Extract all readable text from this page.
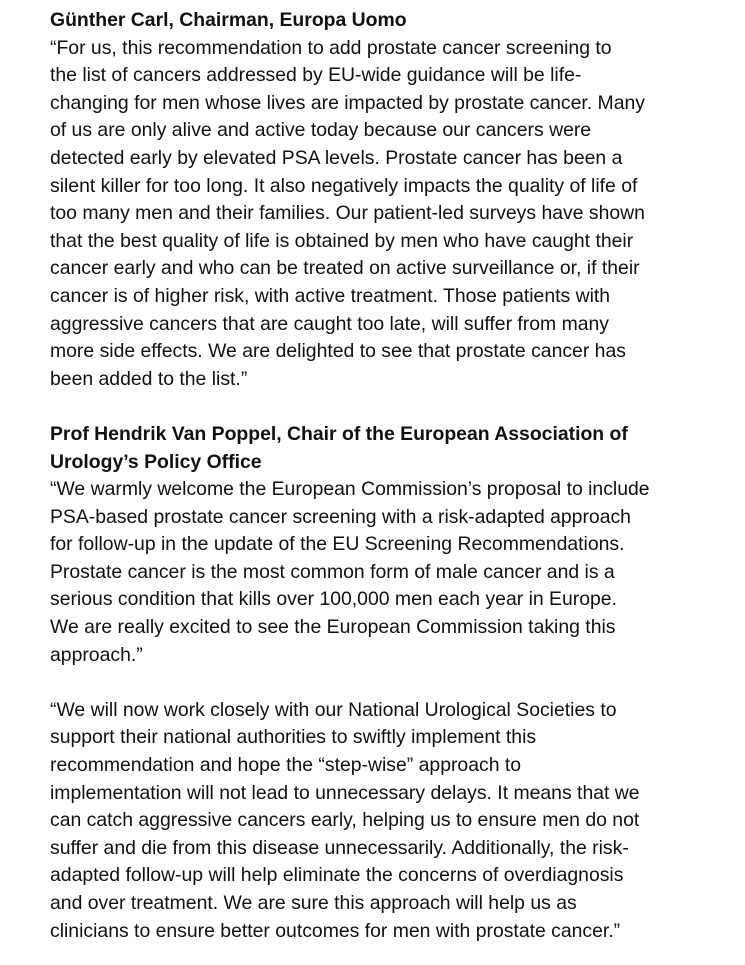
Günther Carl, Chairman, Europa Uomo
“For us, this recommendation to add prostate cancer screening to
the list of cancers addressed by EU-wide guidance will be life-
changing for men whose lives are impacted by prostate cancer. Many
of us are only alive and active today because our cancers were
detected early by elevated PSA levels. Prostate cancer has been a
silent killer for too long. It also negatively impacts the quality of life of
too many men and their families. Our patient-led surveys have shown
that the best quality of life is obtained by men who have caught their
cancer early and who can be treated on active surveillance or, if their
cancer is of higher risk, with active treatment. Those patients with
aggressive cancers that are caught too late, will suffer from many
more side effects. We are delighted to see that prostate cancer has
been added to the list.”
Prof Hendrik Van Poppel, Chair of the European Association of
Urology’s Policy Office
“We warmly welcome the European Commission’s proposal to include
PSA-based prostate cancer screening with a risk-adapted approach
for follow-up in the update of the EU Screening Recommendations.
Prostate cancer is the most common form of male cancer and is a
serious condition that kills over 100,000 men each year in Europe.
We are really excited to see the European Commission taking this
approach.”
“We will now work closely with our National Urological Societies to
support their national authorities to swiftly implement this
recommendation and hope the “step-wise” approach to
implementation will not lead to unnecessary delays. It means that we
can catch aggressive cancers early, helping us to ensure men do not
suffer and die from this disease unnecessarily. Additionally, the risk-
adapted follow-up will help eliminate the concerns of overdiagnosis
and over treatment. We are sure this approach will help us as
clinicians to ensure better outcomes for men with prostate cancer.”
